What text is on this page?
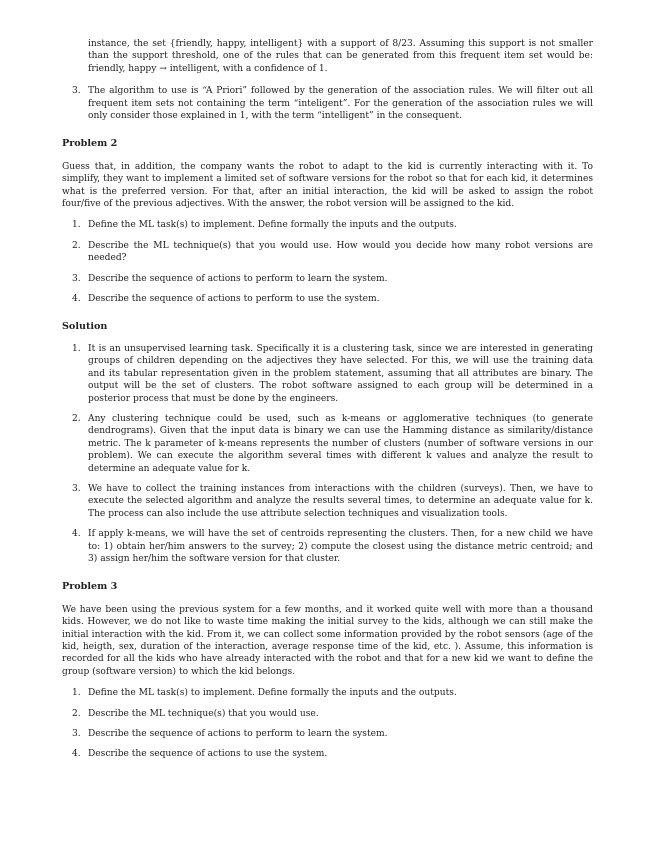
instance, the set {friendly, happy, intelligent} with a support of 8/23. Assuming this support is not smaller than the support threshold, one of the rules that can be generated from this frequent item set would be: friendly, happy → intelligent, with a confidence of 1.

3. The algorithm to use is “A Priori” followed by the generation of the association rules. We will filter out all frequent item sets not containing the term “inteligent”. For the generation of the association rules we will only consider those explained in 1, with the term “intelligent” in the consequent.

Problem 2

Guess that, in addition, the company wants the robot to adapt to the kid is currently interacting with it. To simplify, they want to implement a limited set of software versions for the robot so that for each kid, it determines what is the preferred version. For that, after an initial interaction, the kid will be asked to assign the robot four/five of the previous adjectives. With the answer, the robot version will be assigned to the kid.

1. Define the ML task(s) to implement. Define formally the inputs and the outputs.
2. Describe the ML technique(s) that you would use. How would you decide how many robot versions are needed?
3. Describe the sequence of actions to perform to learn the system.
4. Describe the sequence of actions to perform to use the system.

Solution

1. It is an unsupervised learning task. Specifically it is a clustering task, since we are interested in generating groups of children depending on the adjectives they have selected. For this, we will use the training data and its tabular representation given in the problem statement, assuming that all attributes are binary. The output will be the set of clusters. The robot software assigned to each group will be determined in a posterior process that must be done by the engineers.
2. Any clustering technique could be used, such as k-means or agglomerative techniques (to generate dendrograms). Given that the input data is binary we can use the Hamming distance as similarity/distance metric. The k parameter of k-means represents the number of clusters (number of software versions in our problem). We can execute the algorithm several times with different k values and analyze the result to determine an adequate value for k.
3. We have to collect the training instances from interactions with the children (surveys). Then, we have to execute the selected algorithm and analyze the results several times, to determine an adequate value for k. The process can also include the use attribute selection techniques and visualization tools.
4. If apply k-means, we will have the set of centroids representing the clusters. Then, for a new child we have to: 1) obtain her/him answers to the survey; 2) compute the closest using the distance metric centroid; and 3) assign her/him the software version for that cluster.

Problem 3

We have been using the previous system for a few months, and it worked quite well with more than a thousand kids. However, we do not like to waste time making the initial survey to the kids, although we can still make the initial interaction with the kid. From it, we can collect some information provided by the robot sensors (age of the kid, heigth, sex, duration of the interaction, average response time of the kid, etc. ). Assume, this information is recorded for all the kids who have already interacted with the robot and that for a new kid we want to define the group (software version) to which the kid belongs.

1. Define the ML task(s) to implement. Define formally the inputs and the outputs.
2. Describe the ML technique(s) that you would use.
3. Describe the sequence of actions to perform to learn the system.
4. Describe the sequence of actions to use the system.
